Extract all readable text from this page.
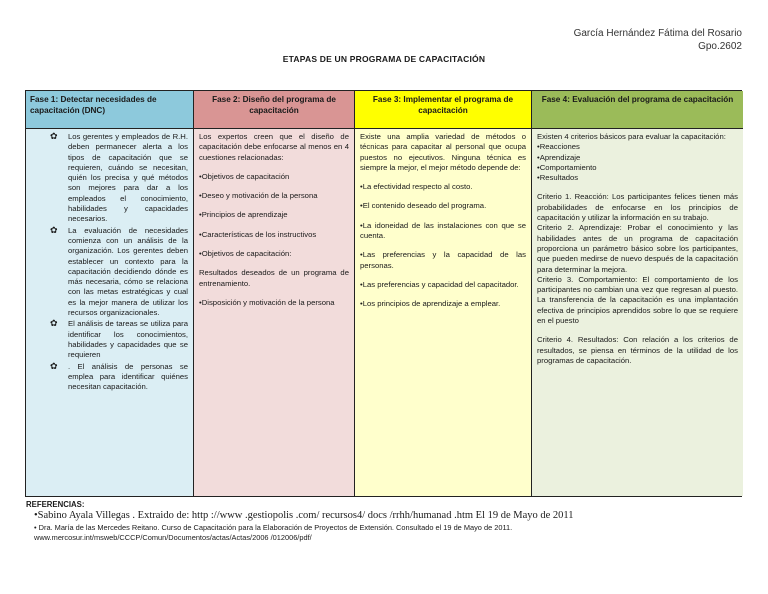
García Hernández Fátima del Rosario
Gpo.2602
ETAPAS DE UN PROGRAMA DE CAPACITACIÓN
Fase 1: Detectar necesidades de capacitación (DNC)
Fase 2: Diseño del programa de capacitación
Fase 3: Implementar el programa de capacitación
Fase 4: Evaluación del programa de capacitación
✿ Los gerentes y empleados de R.H. deben permanecer alerta a los tipos de capacitación que se requieren, cuándo se necesitan, quién los precisa y qué métodos son mejores para dar a los empleados el conocimiento, habilidades y capacidades necesarios.
✿ La evaluación de necesidades comienza con un análisis de la organización. Los gerentes deben establecer un contexto para la capacitación decidiendo dónde es más necesaria, cómo se relaciona con las metas estratégicas y cual es la mejor manera de utilizar los recursos organizacionales.
✿ El análisis de tareas se utiliza para identificar los conocimientos, habilidades y capacidades que se requieren
✿ . El análisis de personas se emplea para identificar quiénes necesitan capacitación.

Los expertos creen que el diseño de capacitación debe enfocarse al menos en 4 cuestiones relacionadas:

•Objetivos de capacitación

•Deseo y motivación de la persona

•Principios de aprendizaje

•Características de los instructivos

•Objetivos de capacitación:

Resultados deseados de un programa de entrenamiento.

•Disposición y motivación de la persona

Existe una amplia variedad de métodos o técnicas para capacitar al personal que ocupa puestos no ejecutivos. Ninguna técnica es siempre la mejor, el mejor método depende de:

•La efectividad respecto al costo.

•El contenido deseado del programa.

•La idoneidad de las instalaciones con que se cuenta.

•Las preferencias y la capacidad de las personas.

•Las preferencias y capacidad del capacitador.

•Los principios de aprendizaje a emplear.

Existen 4 criterios básicos para evaluar la capacitación:

•Reacciones

•Aprendizaje

•Comportamiento

•Resultados

Criterio 1. Reacción: Los participantes felices tienen más probabilidades de enfocarse en los principios de capacitación y utilizar la información en su trabajo.

Criterio 2. Aprendizaje: Probar el conocimiento y las habilidades antes de un programa de capacitación proporciona un parámetro básico sobre los participantes, que pueden medirse de nuevo después de la capacitación para determinar la mejora.

Criterio 3. Comportamiento: El comportamiento de los participantes no cambian una vez que regresan al puesto. La transferencia de la capacitación es una implantación efectiva de principios aprendidos sobre lo que se requiere en el puesto

Criterio 4. Resultados: Con relación a los criterios de resultados, se piensa en términos de la utilidad de los programas de capacitación.

REFERENCIAS:
•Sabino Ayala Villegas . Extraido de: http ://www .gestiopolis .com/ recursos4/ docs /rrhh/humanad .htm El 19 de Mayo de 2011
• Dra. María de las Mercedes Reitano. Curso de Capacitación para la Elaboración de Proyectos de Extensión. Consultado el 19 de Mayo de 2011.
www.mercosur.int/msweb/CCCP/Comun/Documentos/actas/Actas/2006 /012006/pdf/
